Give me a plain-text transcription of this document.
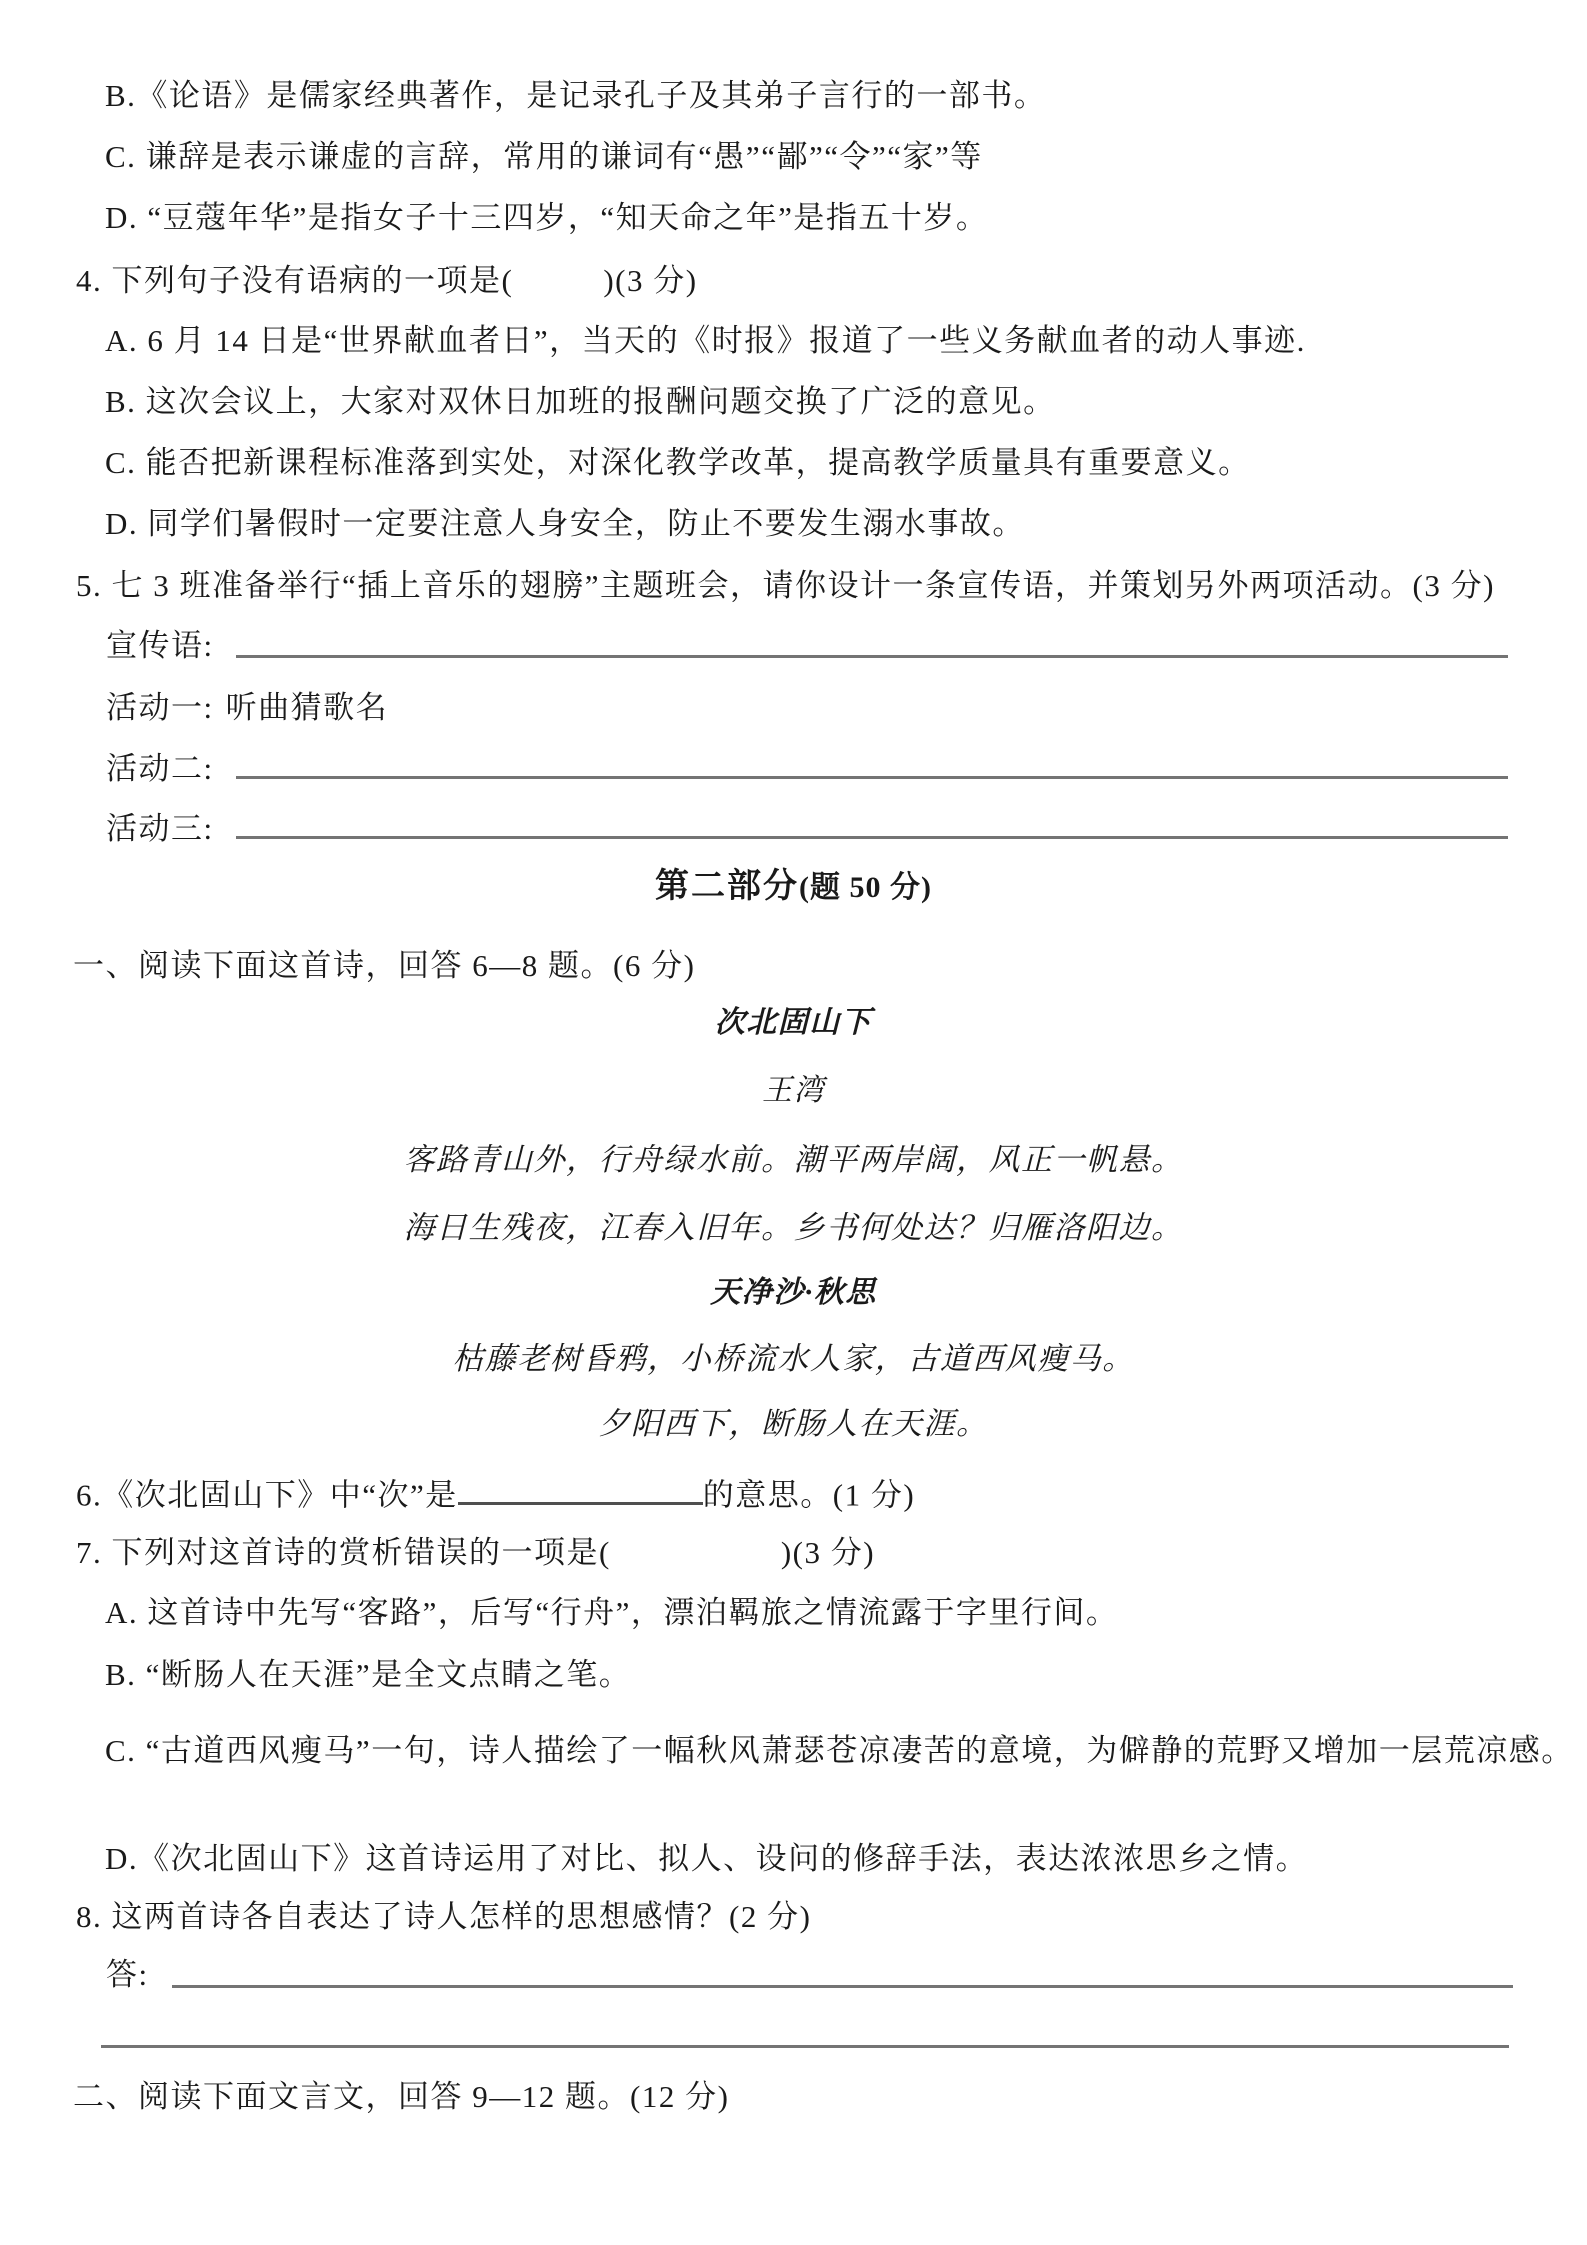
B.《论语》是儒家经典著作，是记录孔子及其弟子言行的一部书。
C. 谦辞是表示谦虚的言辞，常用的谦词有“愚”“鄙”“令”“家”等
D. “豆蔻年华”是指女子十三四岁，“知天命之年”是指五十岁。
4. 下列句子没有语病的一项是(	)(3 分)
A. 6 月 14 日是“世界献血者日”，当天的《时报》报道了一些义务献血者的动人事迹.
B. 这次会议上，大家对双休日加班的报酬问题交换了广泛的意见。
C. 能否把新课程标准落到实处，对深化教学改革，提高教学质量具有重要意义。
D. 同学们暑假时一定要注意人身安全，防止不要发生溺水事故。
5. 七 3 班准备举行“插上音乐的翅膀”主题班会，请你设计一条宣传语，并策划另外两项活动。(3 分)
宣传语:
活动一: 听曲猜歌名
活动二:
活动三:
第二部分(题 50 分)
一、阅读下面这首诗，回答 6—8 题。(6 分)
次北固山下
王湾
客路青山外，行舟绿水前。潮平两岸阔，风正一帆悬。
海日生残夜，江春入旧年。乡书何处达？归雁洛阳边。
天净沙·秋思
枯藤老树昏鸦，小桥流水人家，古道西风瘦马。
夕阳西下，断肠人在天涯。
6.《次北固山下》中“次”是	的意思。(1 分)
7. 下列对这首诗的赏析错误的一项是(	)(3 分)
A. 这首诗中先写“客路”，后写“行舟”，漂泊羁旅之情流露于字里行间。
B. “断肠人在天涯”是全文点睛之笔。
C. “古道西风瘦马”一句，诗人描绘了一幅秋风萧瑟苍凉凄苦的意境，为僻静的荒野又增加一层荒凉感。
D.《次北固山下》这首诗运用了对比、拟人、设问的修辞手法，表达浓浓思乡之情。
8. 这两首诗各自表达了诗人怎样的思想感情？(2 分)
答:
二、阅读下面文言文，回答 9—12 题。(12 分)
